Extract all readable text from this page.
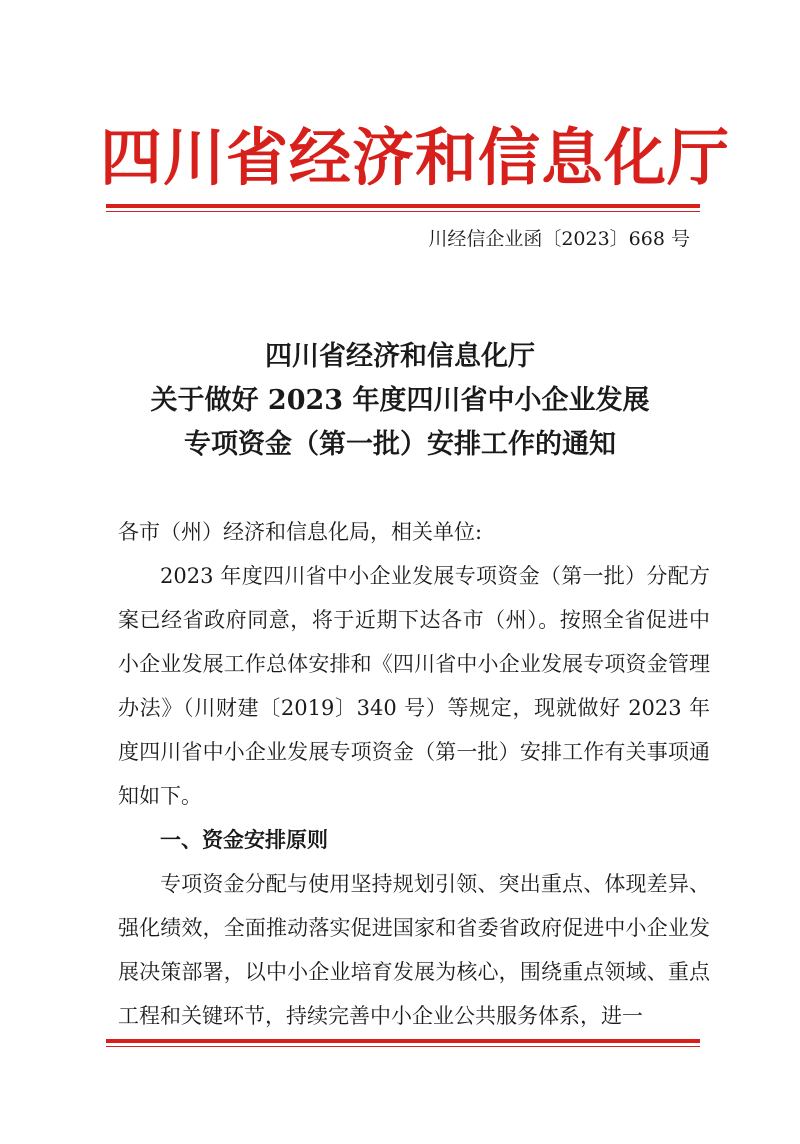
四川省经济和信息化厅
川经信企业函〔2023〕668 号
四川省经济和信息化厅
关于做好 2023 年度四川省中小企业发展
专项资金（第一批）安排工作的通知

各市（州）经济和信息化局，相关单位:

2023 年度四川省中小企业发展专项资金（第一批）分配方案已经省政府同意，将于近期下达各市（州）。按照全省促进中小企业发展工作总体安排和《四川省中小企业发展专项资金管理办法》（川财建〔2019〕340 号）等规定，现就做好 2023 年度四川省中小企业发展专项资金（第一批）安排工作有关事项通知如下。

一、资金安排原则

专项资金分配与使用坚持规划引领、突出重点、体现差异、强化绩效，全面推动落实促进国家和省委省政府促进中小企业发展决策部署，以中小企业培育发展为核心，围绕重点领域、重点工程和关键环节，持续完善中小企业公共服务体系，进一
